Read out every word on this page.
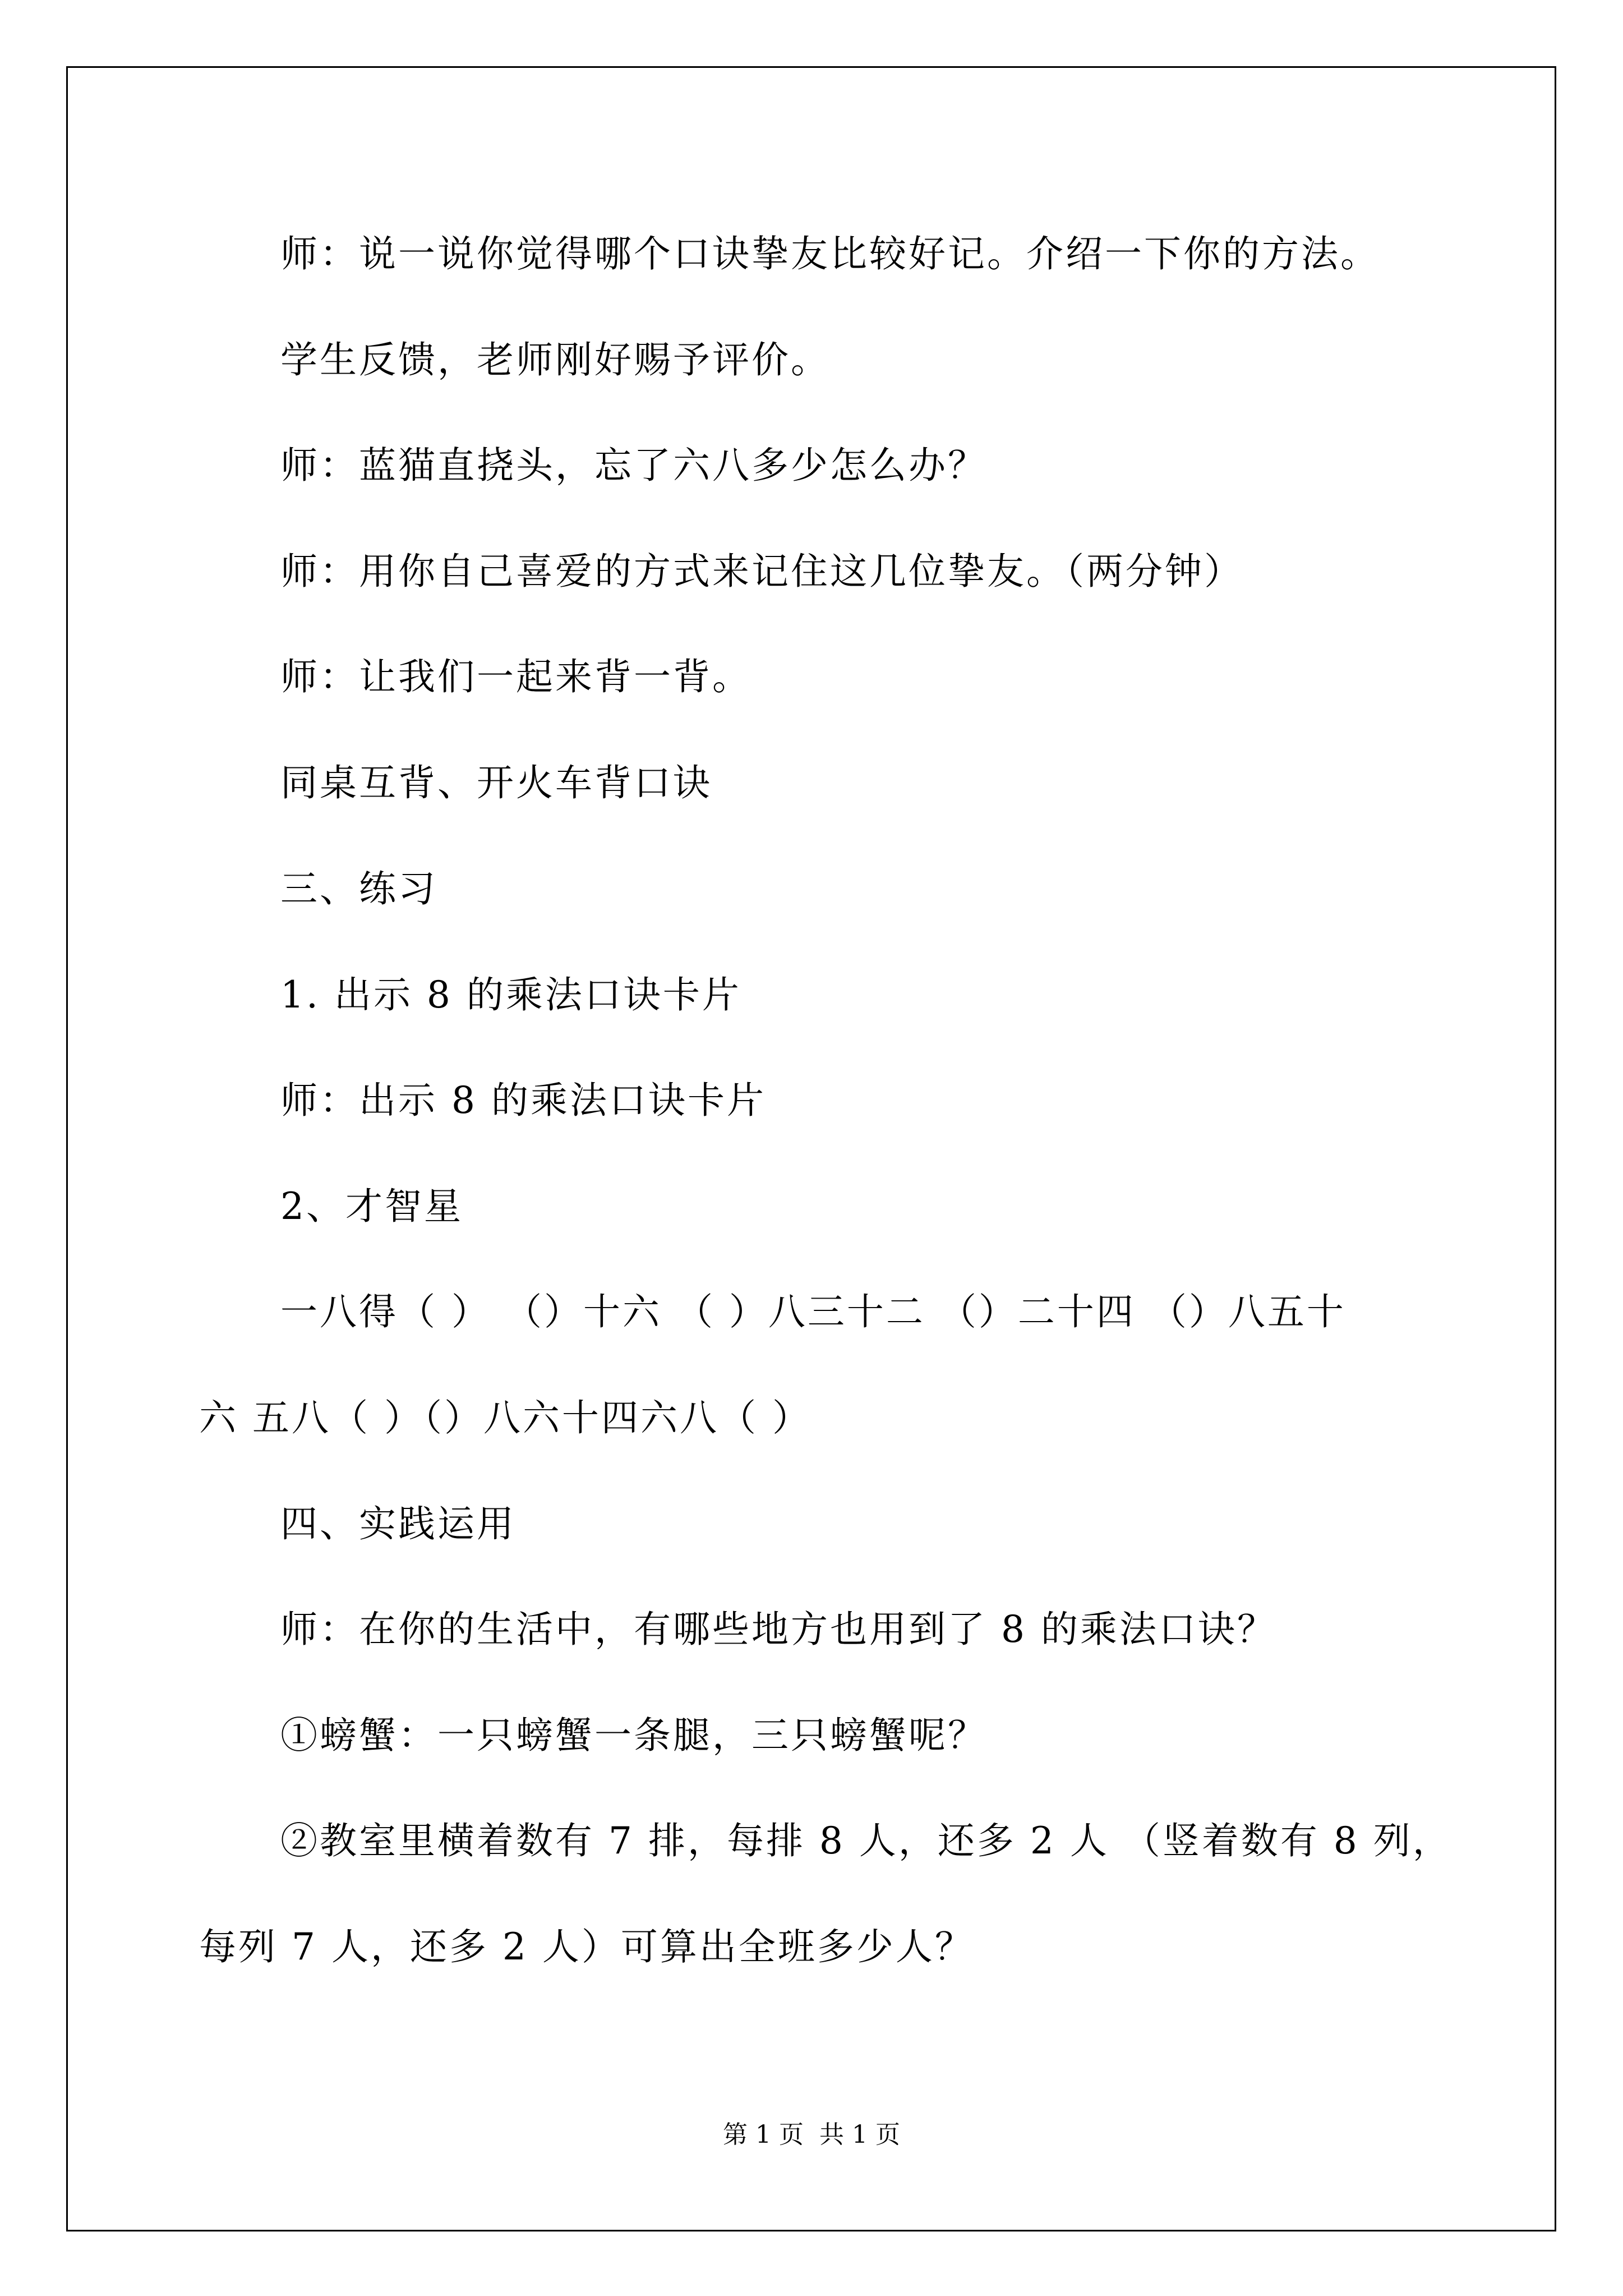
师：说一说你觉得哪个口诀挚友比较好记。介绍一下你的方法。
学生反馈，老师刚好赐予评价。
师：蓝猫直挠头，忘了六八多少怎么办？
师：用你自己喜爱的方式来记住这几位挚友。（两分钟）
师：让我们一起来背一背。
同桌互背、开火车背口诀
三、练习
1. 出示 8 的乘法口诀卡片
师：出示 8 的乘法口诀卡片
2、才智星
一八得（ ） （）十六 （ ）八三十二 （）二十四 （）八五十
六 五八（ ）（）八六十四六八（ ）
四、实践运用
师：在你的生活中，有哪些地方也用到了 8 的乘法口诀？
①螃蟹：一只螃蟹一条腿，三只螃蟹呢？
②教室里横着数有 7 排，每排 8 人，还多 2 人 （竖着数有 8 列，
每列 7 人，还多 2 人）可算出全班多少人？
第 1 页  共 1 页
